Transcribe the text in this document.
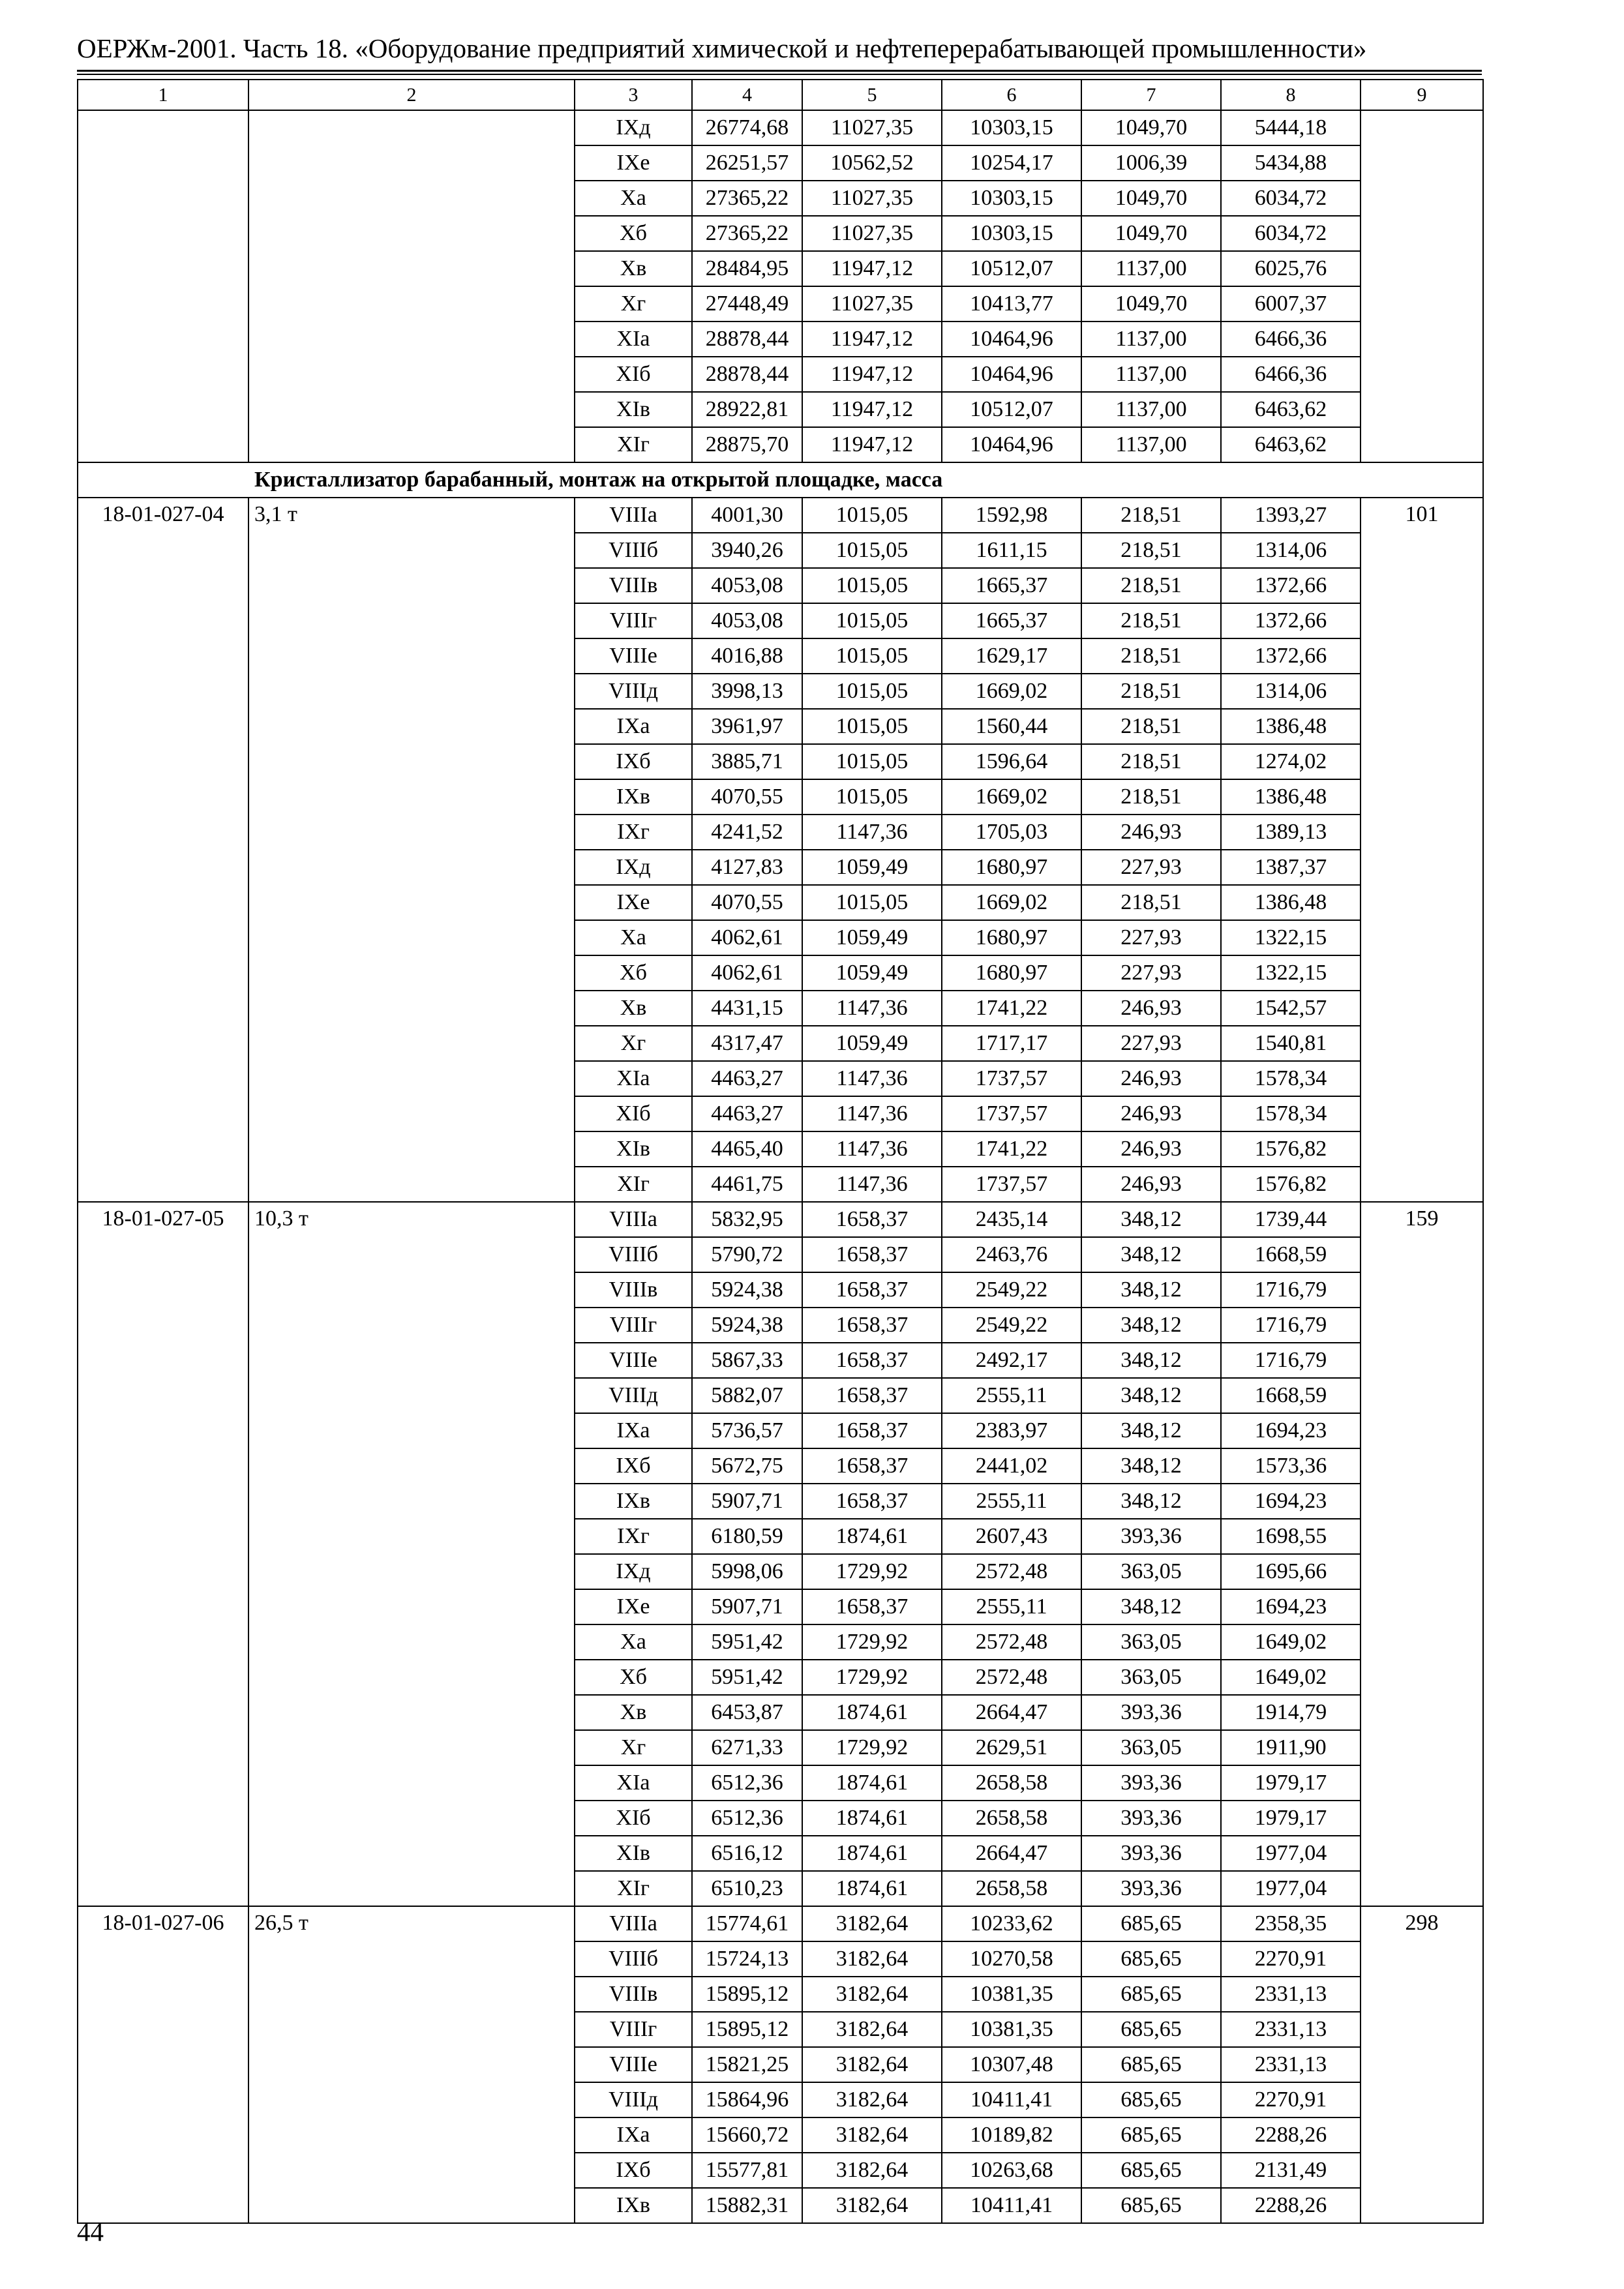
ОЕРЖм-2001. Часть 18. «Оборудование предприятий химической и нефтеперерабатывающей промышленности»
1	2	3	4	5	6	7	8	9
		IXд	26774,68	11027,35	10303,15	1049,70	5444,18	
		IXе	26251,57	10562,52	10254,17	1006,39	5434,88	
		Xа	27365,22	11027,35	10303,15	1049,70	6034,72	
		Xб	27365,22	11027,35	10303,15	1049,70	6034,72	
		Xв	28484,95	11947,12	10512,07	1137,00	6025,76	
		Xг	27448,49	11027,35	10413,77	1049,70	6007,37	
		XIа	28878,44	11947,12	10464,96	1137,00	6466,36	
		XIб	28878,44	11947,12	10464,96	1137,00	6466,36	
		XIв	28922,81	11947,12	10512,07	1137,00	6463,62	
		XIг	28875,70	11947,12	10464,96	1137,00	6463,62	
Кристаллизатор барабанный, монтаж на открытой площадке, масса								
18-01-027-04	3,1 т	VIIIа	4001,30	1015,05	1592,98	218,51	1393,27	101
		VIIIб	3940,26	1015,05	1611,15	218,51	1314,06	
		VIIIв	4053,08	1015,05	1665,37	218,51	1372,66	
		VIIIг	4053,08	1015,05	1665,37	218,51	1372,66	
		VIIIе	4016,88	1015,05	1629,17	218,51	1372,66	
		VIIIд	3998,13	1015,05	1669,02	218,51	1314,06	
		IXа	3961,97	1015,05	1560,44	218,51	1386,48	
		IXб	3885,71	1015,05	1596,64	218,51	1274,02	
		IXв	4070,55	1015,05	1669,02	218,51	1386,48	
		IXг	4241,52	1147,36	1705,03	246,93	1389,13	
		IXд	4127,83	1059,49	1680,97	227,93	1387,37	
		IXе	4070,55	1015,05	1669,02	218,51	1386,48	
		Xа	4062,61	1059,49	1680,97	227,93	1322,15	
		Xб	4062,61	1059,49	1680,97	227,93	1322,15	
		Xв	4431,15	1147,36	1741,22	246,93	1542,57	
		Xг	4317,47	1059,49	1717,17	227,93	1540,81	
		XIа	4463,27	1147,36	1737,57	246,93	1578,34	
		XIб	4463,27	1147,36	1737,57	246,93	1578,34	
		XIв	4465,40	1147,36	1741,22	246,93	1576,82	
		XIг	4461,75	1147,36	1737,57	246,93	1576,82	
18-01-027-05	10,3 т	VIIIа	5832,95	1658,37	2435,14	348,12	1739,44	159
		VIIIб	5790,72	1658,37	2463,76	348,12	1668,59	
		VIIIв	5924,38	1658,37	2549,22	348,12	1716,79	
		VIIIг	5924,38	1658,37	2549,22	348,12	1716,79	
		VIIIе	5867,33	1658,37	2492,17	348,12	1716,79	
		VIIIд	5882,07	1658,37	2555,11	348,12	1668,59	
		IXа	5736,57	1658,37	2383,97	348,12	1694,23	
		IXб	5672,75	1658,37	2441,02	348,12	1573,36	
		IXв	5907,71	1658,37	2555,11	348,12	1694,23	
		IXг	6180,59	1874,61	2607,43	393,36	1698,55	
		IXд	5998,06	1729,92	2572,48	363,05	1695,66	
		IXе	5907,71	1658,37	2555,11	348,12	1694,23	
		Xа	5951,42	1729,92	2572,48	363,05	1649,02	
		Xб	5951,42	1729,92	2572,48	363,05	1649,02	
		Xв	6453,87	1874,61	2664,47	393,36	1914,79	
		Xг	6271,33	1729,92	2629,51	363,05	1911,90	
		XIа	6512,36	1874,61	2658,58	393,36	1979,17	
		XIб	6512,36	1874,61	2658,58	393,36	1979,17	
		XIв	6516,12	1874,61	2664,47	393,36	1977,04	
		XIг	6510,23	1874,61	2658,58	393,36	1977,04	
18-01-027-06	26,5 т	VIIIа	15774,61	3182,64	10233,62	685,65	2358,35	298
		VIIIб	15724,13	3182,64	10270,58	685,65	2270,91	
		VIIIв	15895,12	3182,64	10381,35	685,65	2331,13	
		VIIIг	15895,12	3182,64	10381,35	685,65	2331,13	
		VIIIе	15821,25	3182,64	10307,48	685,65	2331,13	
		VIIIд	15864,96	3182,64	10411,41	685,65	2270,91	
		IXа	15660,72	3182,64	10189,82	685,65	2288,26	
		IXб	15577,81	3182,64	10263,68	685,65	2131,49	
		IXв	15882,31	3182,64	10411,41	685,65	2288,26	
44
